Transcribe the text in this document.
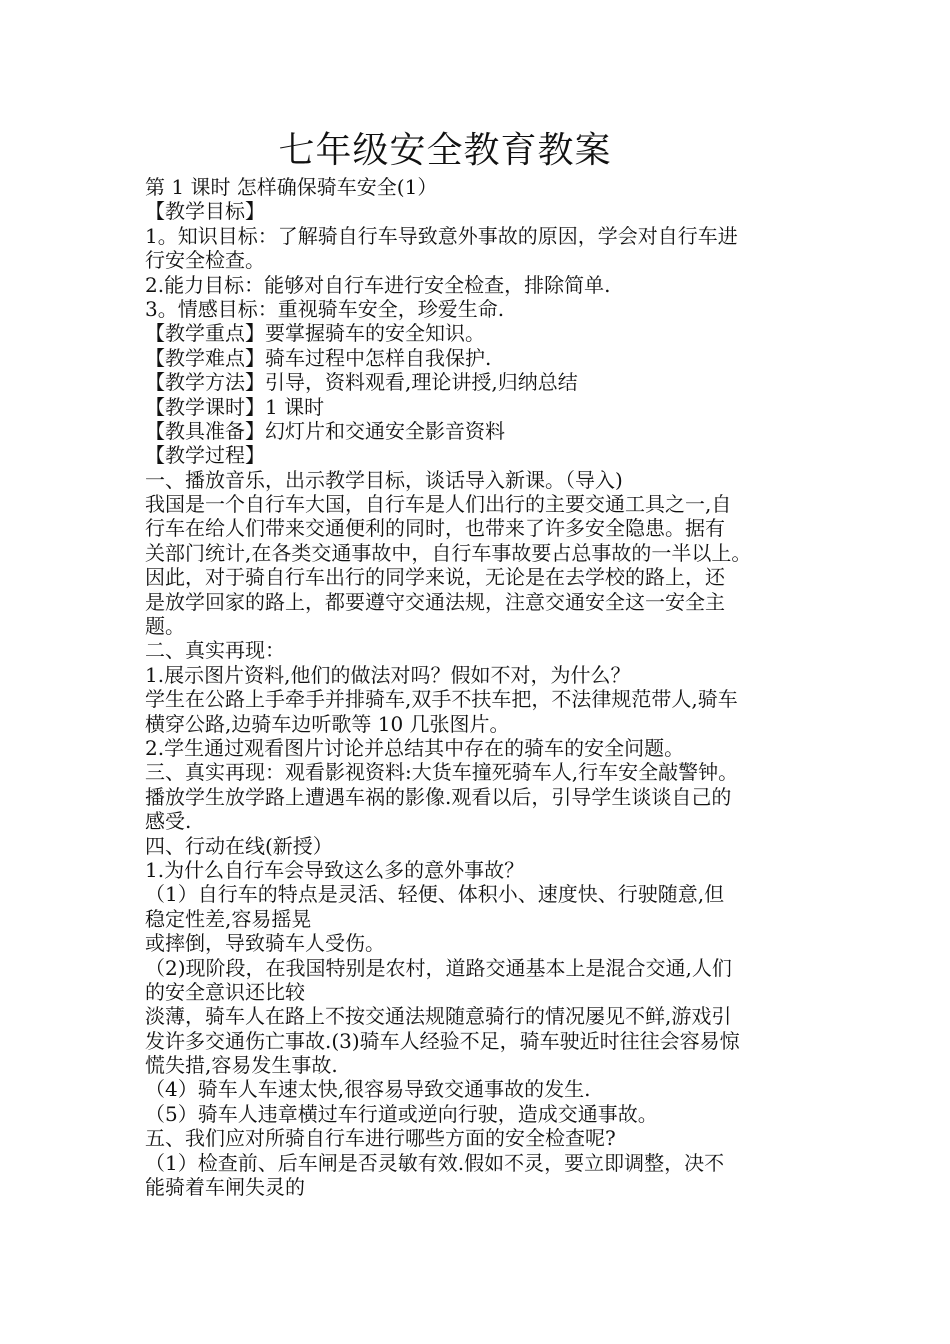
七年级安全教育教案
第 1 课时 怎样确保骑车安全(1）
【教学目标】
1。知识目标：了解骑自行车导致意外事故的原因，学会对自行车进
行安全检查。
2.能力目标：能够对自行车进行安全检查，排除简单.
3。情感目标：重视骑车安全，珍爱生命.
【教学重点】要掌握骑车的安全知识。
【教学难点】骑车过程中怎样自我保护.
【教学方法】引导，资料观看,理论讲授,归纳总结
【教学课时】1 课时
【教具准备】幻灯片和交通安全影音资料
【教学过程】
一、播放音乐，出示教学目标，谈话导入新课。（导入)
我国是一个自行车大国，自行车是人们出行的主要交通工具之一,自
行车在给人们带来交通便利的同时，也带来了许多安全隐患。据有
关部门统计,在各类交通事故中，自行车事故要占总事故的一半以上。
因此，对于骑自行车出行的同学来说，无论是在去学校的路上，还
是放学回家的路上，都要遵守交通法规，注意交通安全这一安全主
题。
二、真实再现：
1.展示图片资料,他们的做法对吗？假如不对，为什么？
学生在公路上手牵手并排骑车,双手不扶车把，不法律规范带人,骑车
横穿公路,边骑车边听歌等 10 几张图片。
2.学生通过观看图片讨论并总结其中存在的骑车的安全问题。
三、真实再现：观看影视资料:大货车撞死骑车人,行车安全敲警钟。
播放学生放学路上遭遇车祸的影像.观看以后，引导学生谈谈自己的
感受.
四、行动在线(新授）
1.为什么自行车会导致这么多的意外事故？
（1）自行车的特点是灵活、轻便、体积小、速度快、行驶随意,但
稳定性差,容易摇晃
或摔倒，导致骑车人受伤。
（2)现阶段，在我国特别是农村，道路交通基本上是混合交通,人们
的安全意识还比较
淡薄，骑车人在路上不按交通法规随意骑行的情况屡见不鲜,游戏引
发许多交通伤亡事故.(3)骑车人经验不足，骑车驶近时往往会容易惊
慌失措,容易发生事故.
（4）骑车人车速太快,很容易导致交通事故的发生.
（5）骑车人违章横过车行道或逆向行驶，造成交通事故。
五、我们应对所骑自行车进行哪些方面的安全检查呢?
（1）检查前、后车闸是否灵敏有效.假如不灵，要立即调整，决不
能骑着车闸失灵的
